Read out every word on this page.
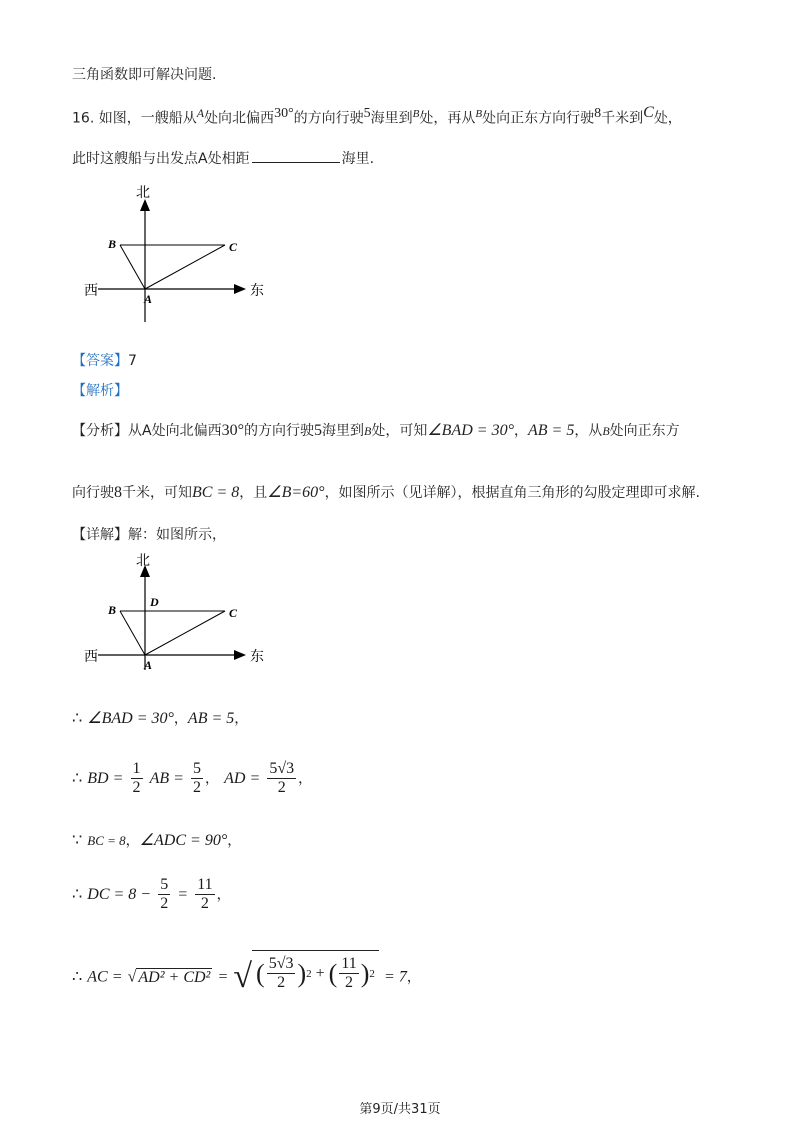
三角函数即可解决问题.
16. 如图，一艘船从$^A$处向北偏西$^{30^\circ}$的方向行驶$^5$海里到$^B$处，再从$^B$处向正东方向行驶$^8$千米到$^C$处，
此时这艘船与出发点A处相距	海里.
北
西	东
A
B	C
【答案】7
【解析】
【分析】从A处向北偏西30°的方向行驶5海里到B处，可知∠BAD = 30°，AB = 5，从B处向正东方
向行驶8千米，可知BC = 8，且∠B=60°，如图所示（见详解），根据直角三角形的勾股定理即可求解.
【详解】解：如图所示，
北
西	东
A
B	C
D
∴ ∠BAD = 30°，AB = 5，
∴ BD = $\frac{1}{2}$ AB = $\frac{5}{2}$ ， AD = $\frac{5√3}{2}$ ，
∵ BC = 8，∠ADC = 90°，
∴ DC = $8 - \frac{5}{2} = \frac{11}{2}$ ，
∴ AC = √ AD² + CD² = √ ( $\frac{5√3}{2}$ ) 2 + ( $\frac{11}{2}$ ) 2 = 7，
第9页/共31页
